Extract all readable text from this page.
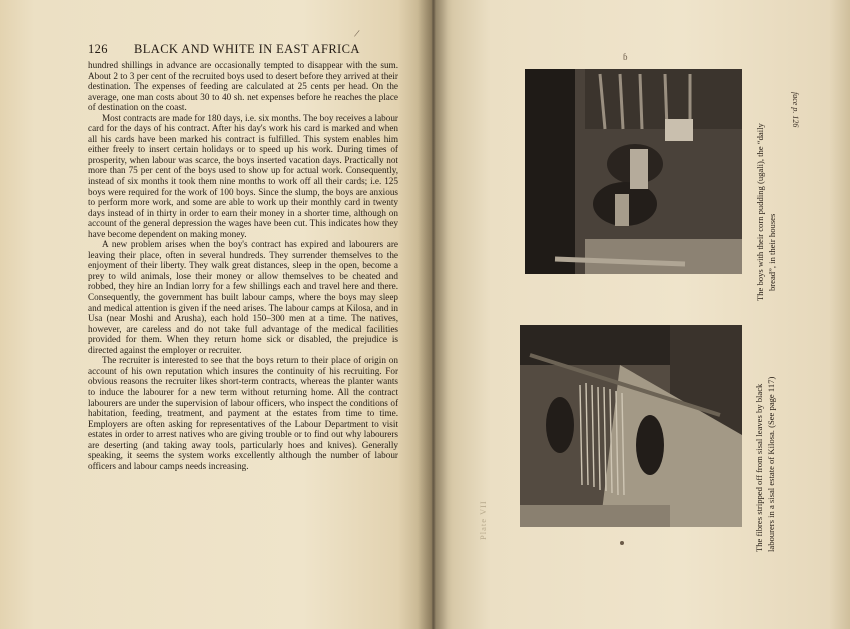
/
126 BLACK AND WHITE IN EAST AFRICA

hundred shillings in advance are occasionally tempted to disappear with the sum. About 2 to 3 per cent of the recruited boys used to desert before they arrived at their destination. The expenses of feeding are calculated at 25 cents per head. On the average, one man costs about 30 to 40 sh. net expenses before he reaches the place of destination on the coast.

Most contracts are made for 180 days, i.e. six months. The boy receives a labour card for the days of his contract. After his day's work his card is marked and when all his cards have been marked his contract is fulfilled. This system enables him either freely to insert certain holidays or to speed up his work. During times of prosperity, when labour was scarce, the boys inserted vacation days. Practically not more than 75 per cent of the boys used to show up for actual work. Consequently, instead of six months it took them nine months to work off all their cards; i.e. 125 boys were required for the work of 100 boys. Since the slump, the boys are anxious to perform more work, and some are able to work up their monthly card in twenty days instead of in thirty in order to earn their money in a shorter time, although on account of the general depression the wages have been cut. This indicates how they have become dependent on making money.

A new problem arises when the boy's contract has expired and labourers are leaving their place, often in several hundreds. They surrender themselves to the enjoyment of their liberty. They walk great distances, sleep in the open, become a prey to wild animals, lose their money or allow themselves to be cheated and robbed, they hire an Indian lorry for a few shillings each and travel here and there. Consequently, the government has built labour camps, where the boys may sleep and medical attention is given if the need arises. The labour camps at Kilosa, and in Usa (near Moshi and Arusha), each hold 150–300 men at a time. The natives, however, are careless and do not take full advantage of the medical facilities provided for them. When they return home sick or disabled, the prejudice is directed against the employer or recruiter.

The recruiter is interested to see that the boys return to their place of origin on account of his own reputation which insures the continuity of his recruiting. For obvious reasons the recruiter likes short-term contracts, whereas the planter wants to induce the labourer for a new term without returning home. All the contract labourers are under the supervision of labour officers, who inspect the conditions of habitation, feeding, treatment, and payment at the estates from time to time. Employers are often asking for representatives of the Labour Department to visit estates in order to arrest natives who are giving trouble or to find out why labourers are deserting (and taking away tools, particularly hoes and knives). Generally speaking, it seems the system works excellently although the number of labour officers and labour camps needs increasing.

ɓ
The boys with their corn pudding (ugali), the “daily bread”, in their houses
The fibres stripped off from sisal leaves by black labourers in a sisal estate of Kilosa. (See page 117)
face p. 126
Plate VII
